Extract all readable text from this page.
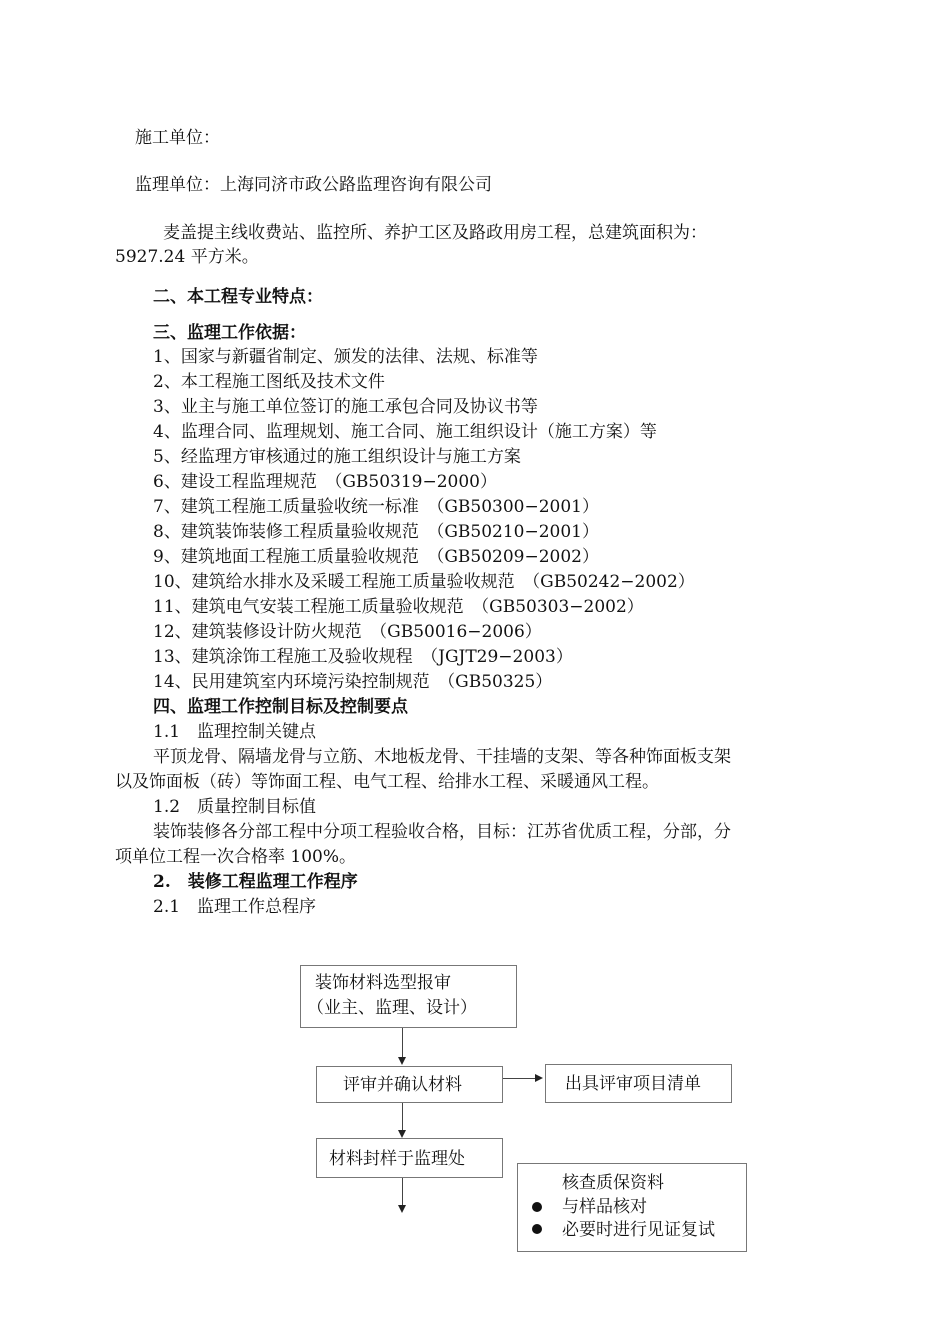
施工单位：
监理单位：上海同济市政公路监理咨询有限公司
麦盖提主线收费站、监控所、养护工区及路政用房工程，总建筑面积为：
5927.24 平方米。
二、本工程专业特点：
三、监理工作依据：
1、国家与新疆省制定、颁发的法律、法规、标准等
2、本工程施工图纸及技术文件
3、业主与施工单位签订的施工承包合同及协议书等
4、监理合同、监理规划、施工合同、施工组织设计（施工方案）等
5、经监理方审核通过的施工组织设计与施工方案
6、建设工程监理规范　（GB50319−2000）
7、建筑工程施工质量验收统一标准　（GB50300−2001）
8、建筑装饰装修工程质量验收规范　（GB50210−2001）
9、建筑地面工程施工质量验收规范　（GB50209−2002）
10、建筑给水排水及采暖工程施工质量验收规范　（GB50242−2002）
11、建筑电气安装工程施工质量验收规范　（GB50303−2002）
12、建筑装修设计防火规范　（GB50016−2006）
13、建筑涂饰工程施工及验收规程　（JGJT29−2003）
14、民用建筑室内环境污染控制规范　（GB50325）
四、监理工作控制目标及控制要点
1.1　监理控制关键点
平顶龙骨、隔墙龙骨与立筋、木地板龙骨、干挂墙的支架、等各种饰面板支架
以及饰面板（砖）等饰面工程、电气工程、给排水工程、采暖通风工程。
1.2　质量控制目标值
装饰装修各分部工程中分项工程验收合格，目标：江苏省优质工程，分部，分
项单位工程一次合格率 100%。
2.　装修工程监理工作程序
2.1　监理工作总程序
装饰材料选型报审
（业主、监理、设计）
评审并确认材料	出具评审项目清单
材料封样于监理处
核查质保资料
与样品核对
必要时进行见证复试
